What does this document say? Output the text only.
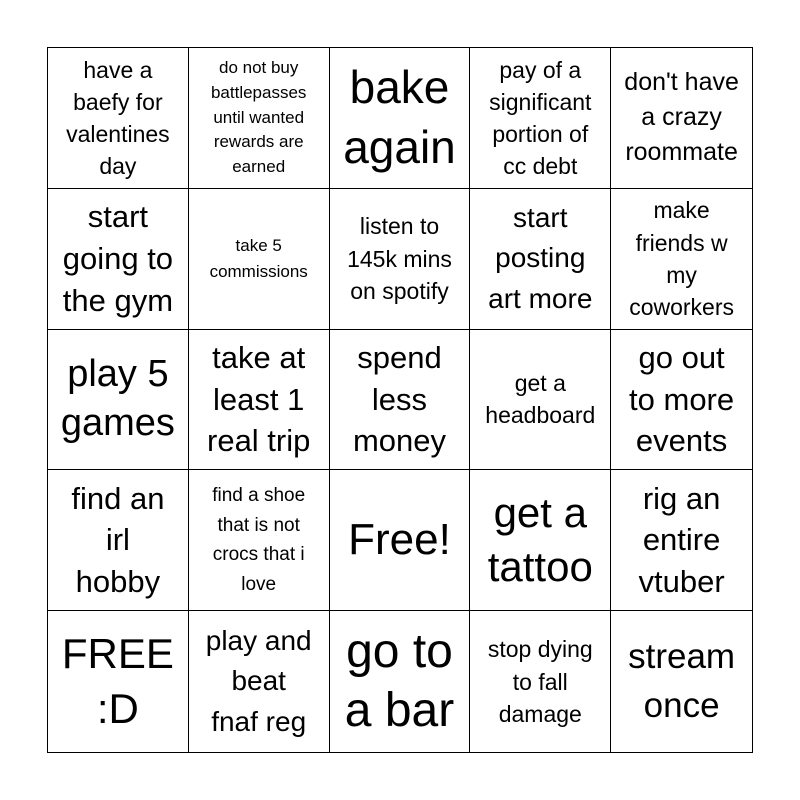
have a
baefy for
valentines
day
do not buy
battlepasses
until wanted
rewards are
earned
bake
again
pay of a
significant
portion of
cc debt
don't have
a crazy
roommate
start
going to
the gym
take 5
commissions
listen to
145k mins
on spotify
start
posting
art more
make
friends w
my
coworkers
play 5
games
take at
least 1
real trip
spend
less
money
get a
headboard
go out
to more
events
find an
irl
hobby
find a shoe
that is not
crocs that i
love
Free!
get a
tattoo
rig an
entire
vtuber
FREE
:D
play and
beat
fnaf reg
go to
a bar
stop dying
to fall
damage
stream
once
